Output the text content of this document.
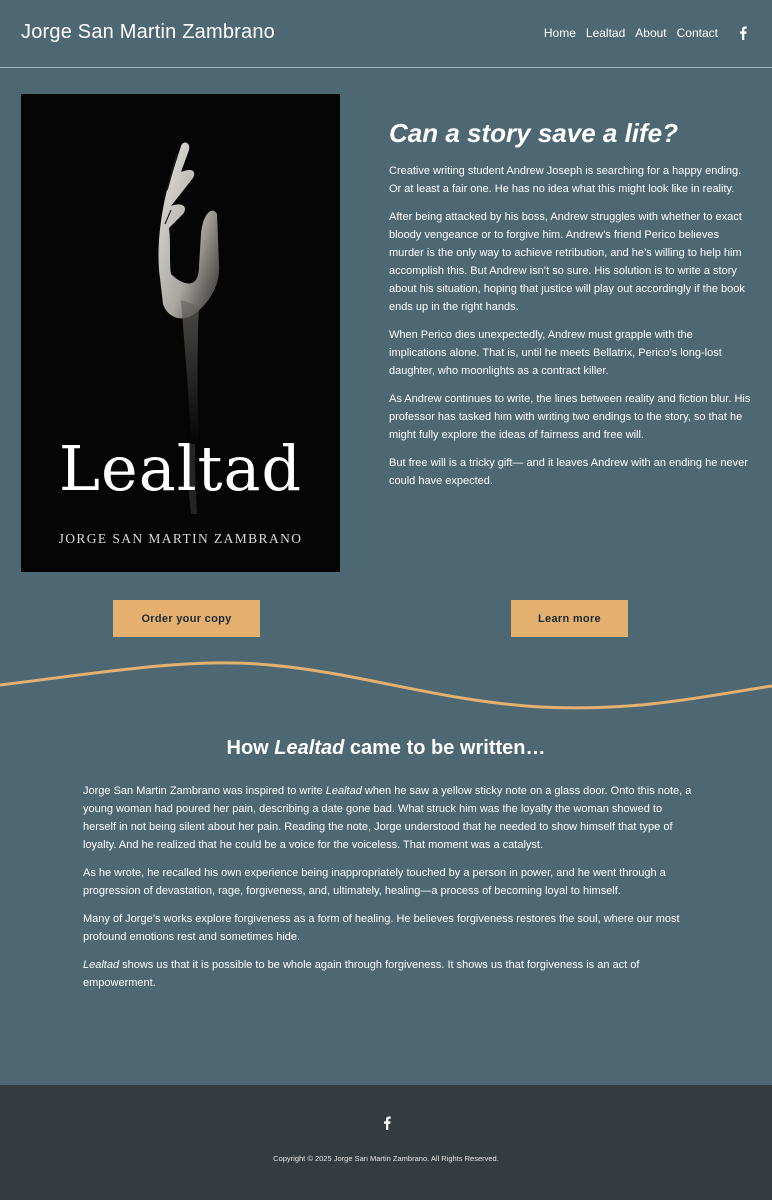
Jorge San Martin Zambrano	Home Lealtad About Contact
Lealtad
JORGE SAN MARTIN ZAMBRANO
Can a story save a life?

Creative writing student Andrew Joseph is searching for a happy ending. Or at least a fair one. He has no idea what this might look like in reality.

After being attacked by his boss, Andrew struggles with whether to exact bloody vengeance or to forgive him. Andrew’s friend Perico believes murder is the only way to achieve retribution, and he’s willing to help him accomplish this. But Andrew isn’t so sure. His solution is to write a story about his situation, hoping that justice will play out accordingly if the book ends up in the right hands.

When Perico dies unexpectedly, Andrew must grapple with the implications alone. That is, until he meets Bellatrix, Perico’s long-lost daughter, who moonlights as a contract killer.

As Andrew continues to write, the lines between reality and fiction blur. His professor has tasked him with writing two endings to the story, so that he might fully explore the ideas of fairness and free will.

But free will is a tricky gift— and it leaves Andrew with an ending he never could have expected.

Order your copy	Learn more
How Lealtad came to be written…

Jorge San Martin Zambrano was inspired to write Lealtad when he saw a yellow sticky note on a glass door. Onto this note, a young woman had poured her pain, describing a date gone bad. What struck him was the loyalty the woman showed to herself in not being silent about her pain. Reading the note, Jorge understood that he needed to show himself that type of loyalty. And he realized that he could be a voice for the voiceless. That moment was a catalyst.

As he wrote, he recalled his own experience being inappropriately touched by a person in power, and he went through a progression of devastation, rage, forgiveness, and, ultimately, healing—a process of becoming loyal to himself.

Many of Jorge’s works explore forgiveness as a form of healing. He believes forgiveness restores the soul, where our most profound emotions rest and sometimes hide.

Lealtad shows us that it is possible to be whole again through forgiveness. It shows us that forgiveness is an act of empowerment.

Copyright © 2025 Jorge San Martin Zambrano. All Rights Reserved.
